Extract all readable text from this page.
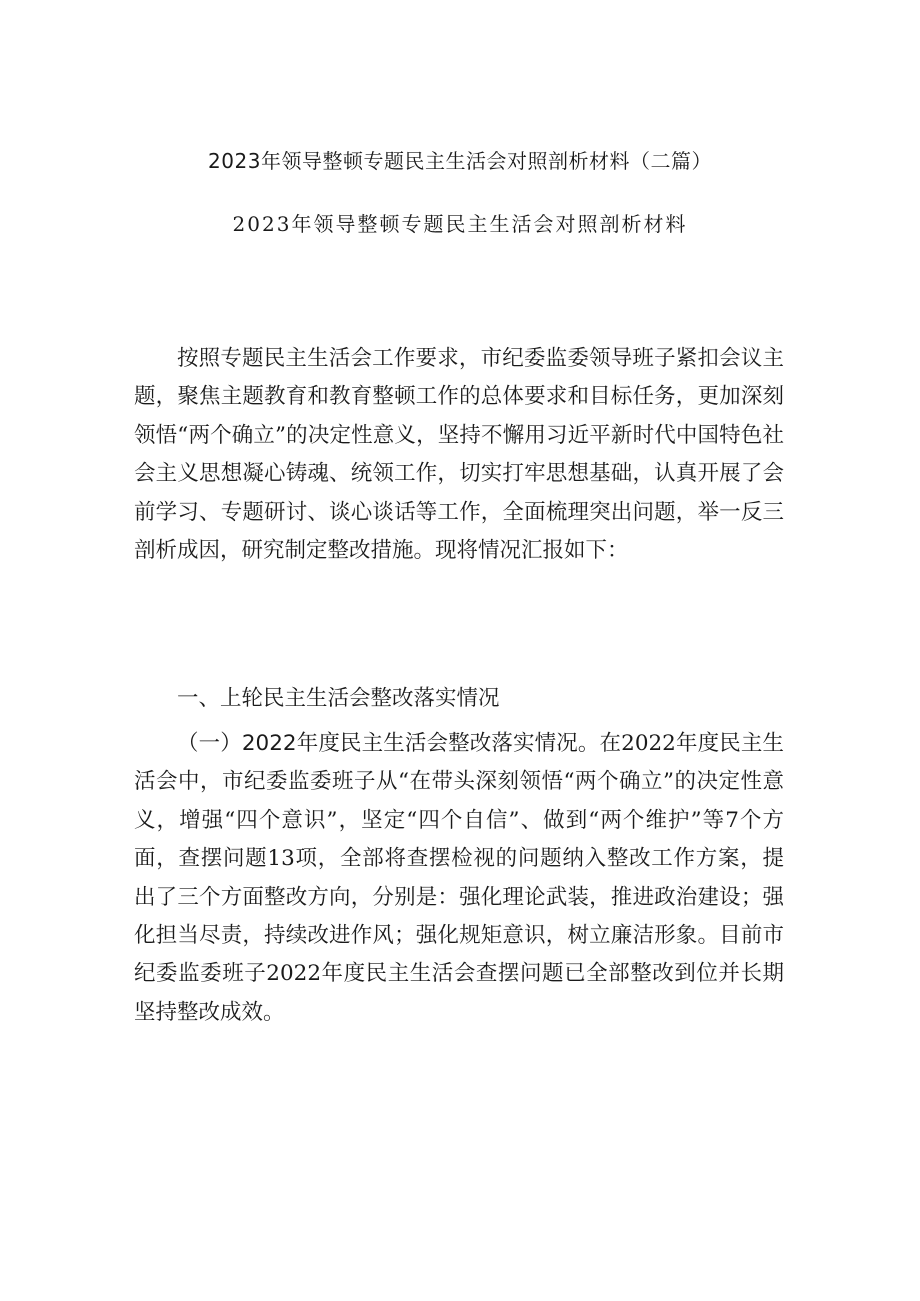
2023年领导整顿专题民主生活会对照剖析材料（二篇）
2023年领导整顿专题民主生活会对照剖析材料

按照专题民主生活会工作要求，市纪委监委领导班子紧扣会议主题，聚焦主题教育和教育整顿工作的总体要求和目标任务，更加深刻领悟“两个确立”的决定性意义，坚持不懈用习近平新时代中国特色社会主义思想凝心铸魂、统领工作，切实打牢思想基础，认真开展了会前学习、专题研讨、谈心谈话等工作，全面梳理突出问题，举一反三剖析成因，研究制定整改措施。现将情况汇报如下：

一、上轮民主生活会整改落实情况

（一）2022年度民主生活会整改落实情况。在2022年度民主生活会中，市纪委监委班子从“在带头深刻领悟“两个确立”的决定性意义，增强“四个意识”，坚定“四个自信”、做到“两个维护”等7个方面，查摆问题13项，全部将查摆检视的问题纳入整改工作方案，提出了三个方面整改方向，分别是：强化理论武装，推进政治建设；强化担当尽责，持续改进作风；强化规矩意识，树立廉洁形象。目前市纪委监委班子2022年度民主生活会查摆问题已全部整改到位并长期坚持整改成效。
